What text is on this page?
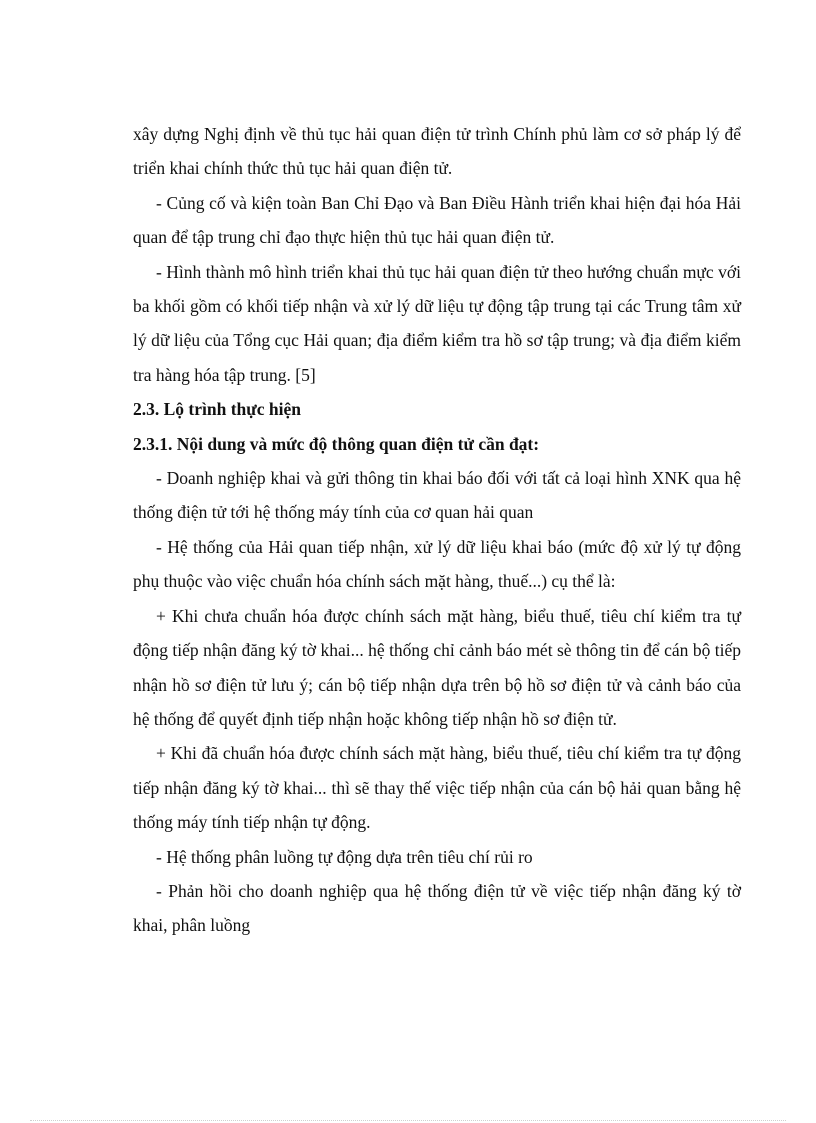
xây dựng Nghị định về thủ tục hải quan điện tử trình Chính phủ làm cơ sở pháp lý để triển khai chính thức thủ tục hải quan điện tử.

- Củng cố và kiện toàn Ban Chỉ Đạo và Ban Điều Hành triển khai hiện đại hóa Hải quan để tập trung chỉ đạo thực hiện thủ tục hải quan điện tử.

- Hình thành mô hình triển khai thủ tục hải quan điện tử theo hướng chuẩn mực với ba khối gồm có khối tiếp nhận và xử lý dữ liệu tự động tập trung tại các Trung tâm xử lý dữ liệu của Tổng cục Hải quan; địa điểm kiểm tra hồ sơ tập trung; và địa điểm kiểm tra hàng hóa tập trung. [5]

2.3. Lộ trình thực hiện

2.3.1. Nội dung và mức độ thông quan điện tử cần đạt:

- Doanh nghiệp khai và gửi thông tin khai báo đối với tất cả loại hình XNK qua hệ thống điện tử tới hệ thống máy tính của cơ quan hải quan

- Hệ thống của Hải quan tiếp nhận, xử lý dữ liệu khai báo (mức độ xử lý tự động phụ thuộc vào việc chuẩn hóa chính sách mặt hàng, thuế...) cụ thể là:

+ Khi chưa chuẩn hóa được chính sách mặt hàng, biểu thuế, tiêu chí kiểm tra tự động tiếp nhận đăng ký tờ khai... hệ thống chỉ cảnh báo mét sè thông tin để cán bộ tiếp nhận hồ sơ điện tử lưu ý; cán bộ tiếp nhận dựa trên bộ hồ sơ điện tử và cảnh báo của hệ thống để quyết định tiếp nhận hoặc không tiếp nhận hồ sơ điện tử.

+ Khi đã chuẩn hóa được chính sách mặt hàng, biểu thuế, tiêu chí kiểm tra tự động tiếp nhận đăng ký tờ khai... thì sẽ thay thế việc tiếp nhận của cán bộ hải quan bằng hệ thống máy tính tiếp nhận tự động.

- Hệ thống phân luồng tự động dựa trên tiêu chí rủi ro

- Phản hồi cho doanh nghiệp qua hệ thống điện tử về việc tiếp nhận đăng ký tờ khai, phân luồng
